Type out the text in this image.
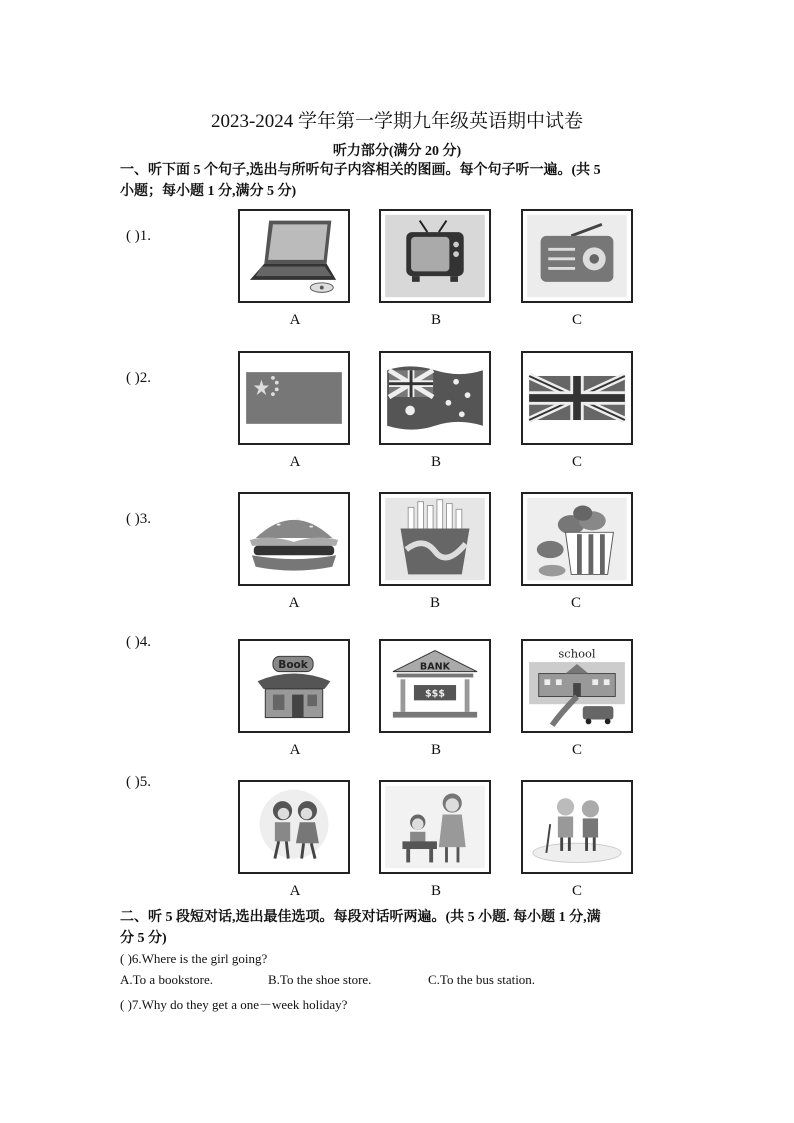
2023-2024 学年第一学期九年级英语期中试卷
听力部分(满分 20 分)
一、听下面 5 个句子,选出与所听句子内容相关的图画。每个句子听一遍。(共 5
小题；每小题 1 分,满分 5 分)
( )1.
( )2.
( )3.
( )4.
( )5.
A	B	C
A	B	C
A	B	C
Book	BANK
$$$
school
A	B	C
A	B	C
二、听 5 段短对话,选出最佳选项。每段对话听两遍。(共 5 小题. 每小题 1 分,满
分 5 分)
( )6.Where is the girl going?
A.To a bookstore.	B.To the shoe store.	C.To the bus station.
( )7.Why do they get a one－week holiday?
